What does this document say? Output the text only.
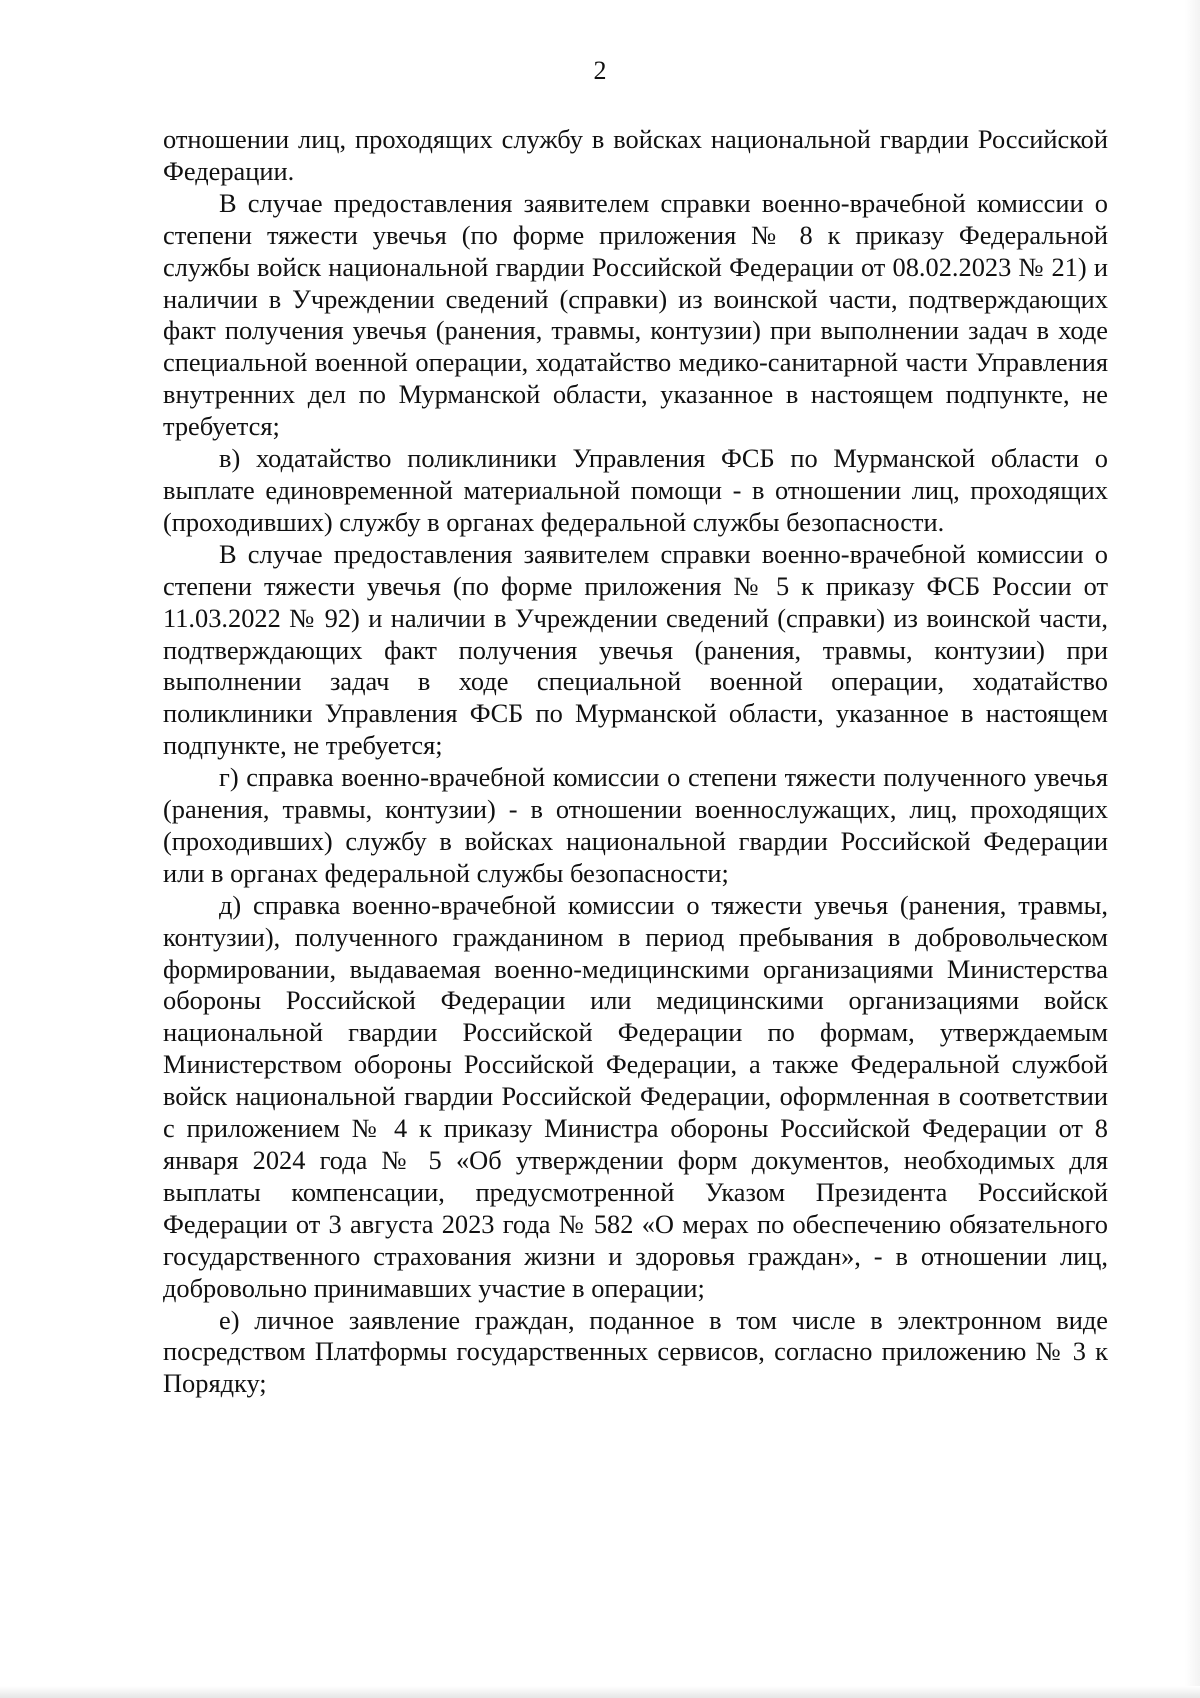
2

отношении лиц, проходящих службу в войсках национальной гвардии Российской Федерации.

В случае предоставления заявителем справки военно-врачебной комиссии о степени тяжести увечья (по форме приложения № 8 к приказу Федеральной службы войск национальной гвардии Российской Федерации от 08.02.2023 № 21) и наличии в Учреждении сведений (справки) из воинской части, подтверждающих факт получения увечья (ранения, травмы, контузии) при выполнении задач в ходе специальной военной операции, ходатайство медико-санитарной части Управления внутренних дел по Мурманской области, указанное в настоящем подпункте, не требуется;

в) ходатайство поликлиники Управления ФСБ по Мурманской области о выплате единовременной материальной помощи - в отношении лиц, проходящих (проходивших) службу в органах федеральной службы безопасности.

В случае предоставления заявителем справки военно-врачебной комиссии о степени тяжести увечья (по форме приложения № 5 к приказу ФСБ России от 11.03.2022 № 92) и наличии в Учреждении сведений (справки) из воинской части, подтверждающих факт получения увечья (ранения, травмы, контузии) при выполнении задач в ходе специальной военной операции, ходатайство поликлиники Управления ФСБ по Мурманской области, указанное в настоящем подпункте, не требуется;

г) справка военно-врачебной комиссии о степени тяжести полученного увечья (ранения, травмы, контузии) - в отношении военнослужащих, лиц, проходящих (проходивших) службу в войсках национальной гвардии Российской Федерации или в органах федеральной службы безопасности;

д) справка военно-врачебной комиссии о тяжести увечья (ранения, травмы, контузии), полученного гражданином в период пребывания в добровольческом формировании, выдаваемая военно-медицинскими организациями Министерства обороны Российской Федерации или медицинскими организациями войск национальной гвардии Российской Федерации по формам, утверждаемым Министерством обороны Российской Федерации, а также Федеральной службой войск национальной гвардии Российской Федерации, оформленная в соответствии с приложением № 4 к приказу Министра обороны Российской Федерации от 8 января 2024 года № 5 «Об утверждении форм документов, необходимых для выплаты компенсации, предусмотренной Указом Президента Российской Федерации от 3 августа 2023 года № 582 «О мерах по обеспечению обязательного государственного страхования жизни и здоровья граждан», - в отношении лиц, добровольно принимавших участие в операции;

е) личное заявление граждан, поданное в том числе в электронном виде посредством Платформы государственных сервисов, согласно приложению № 3 к Порядку;
